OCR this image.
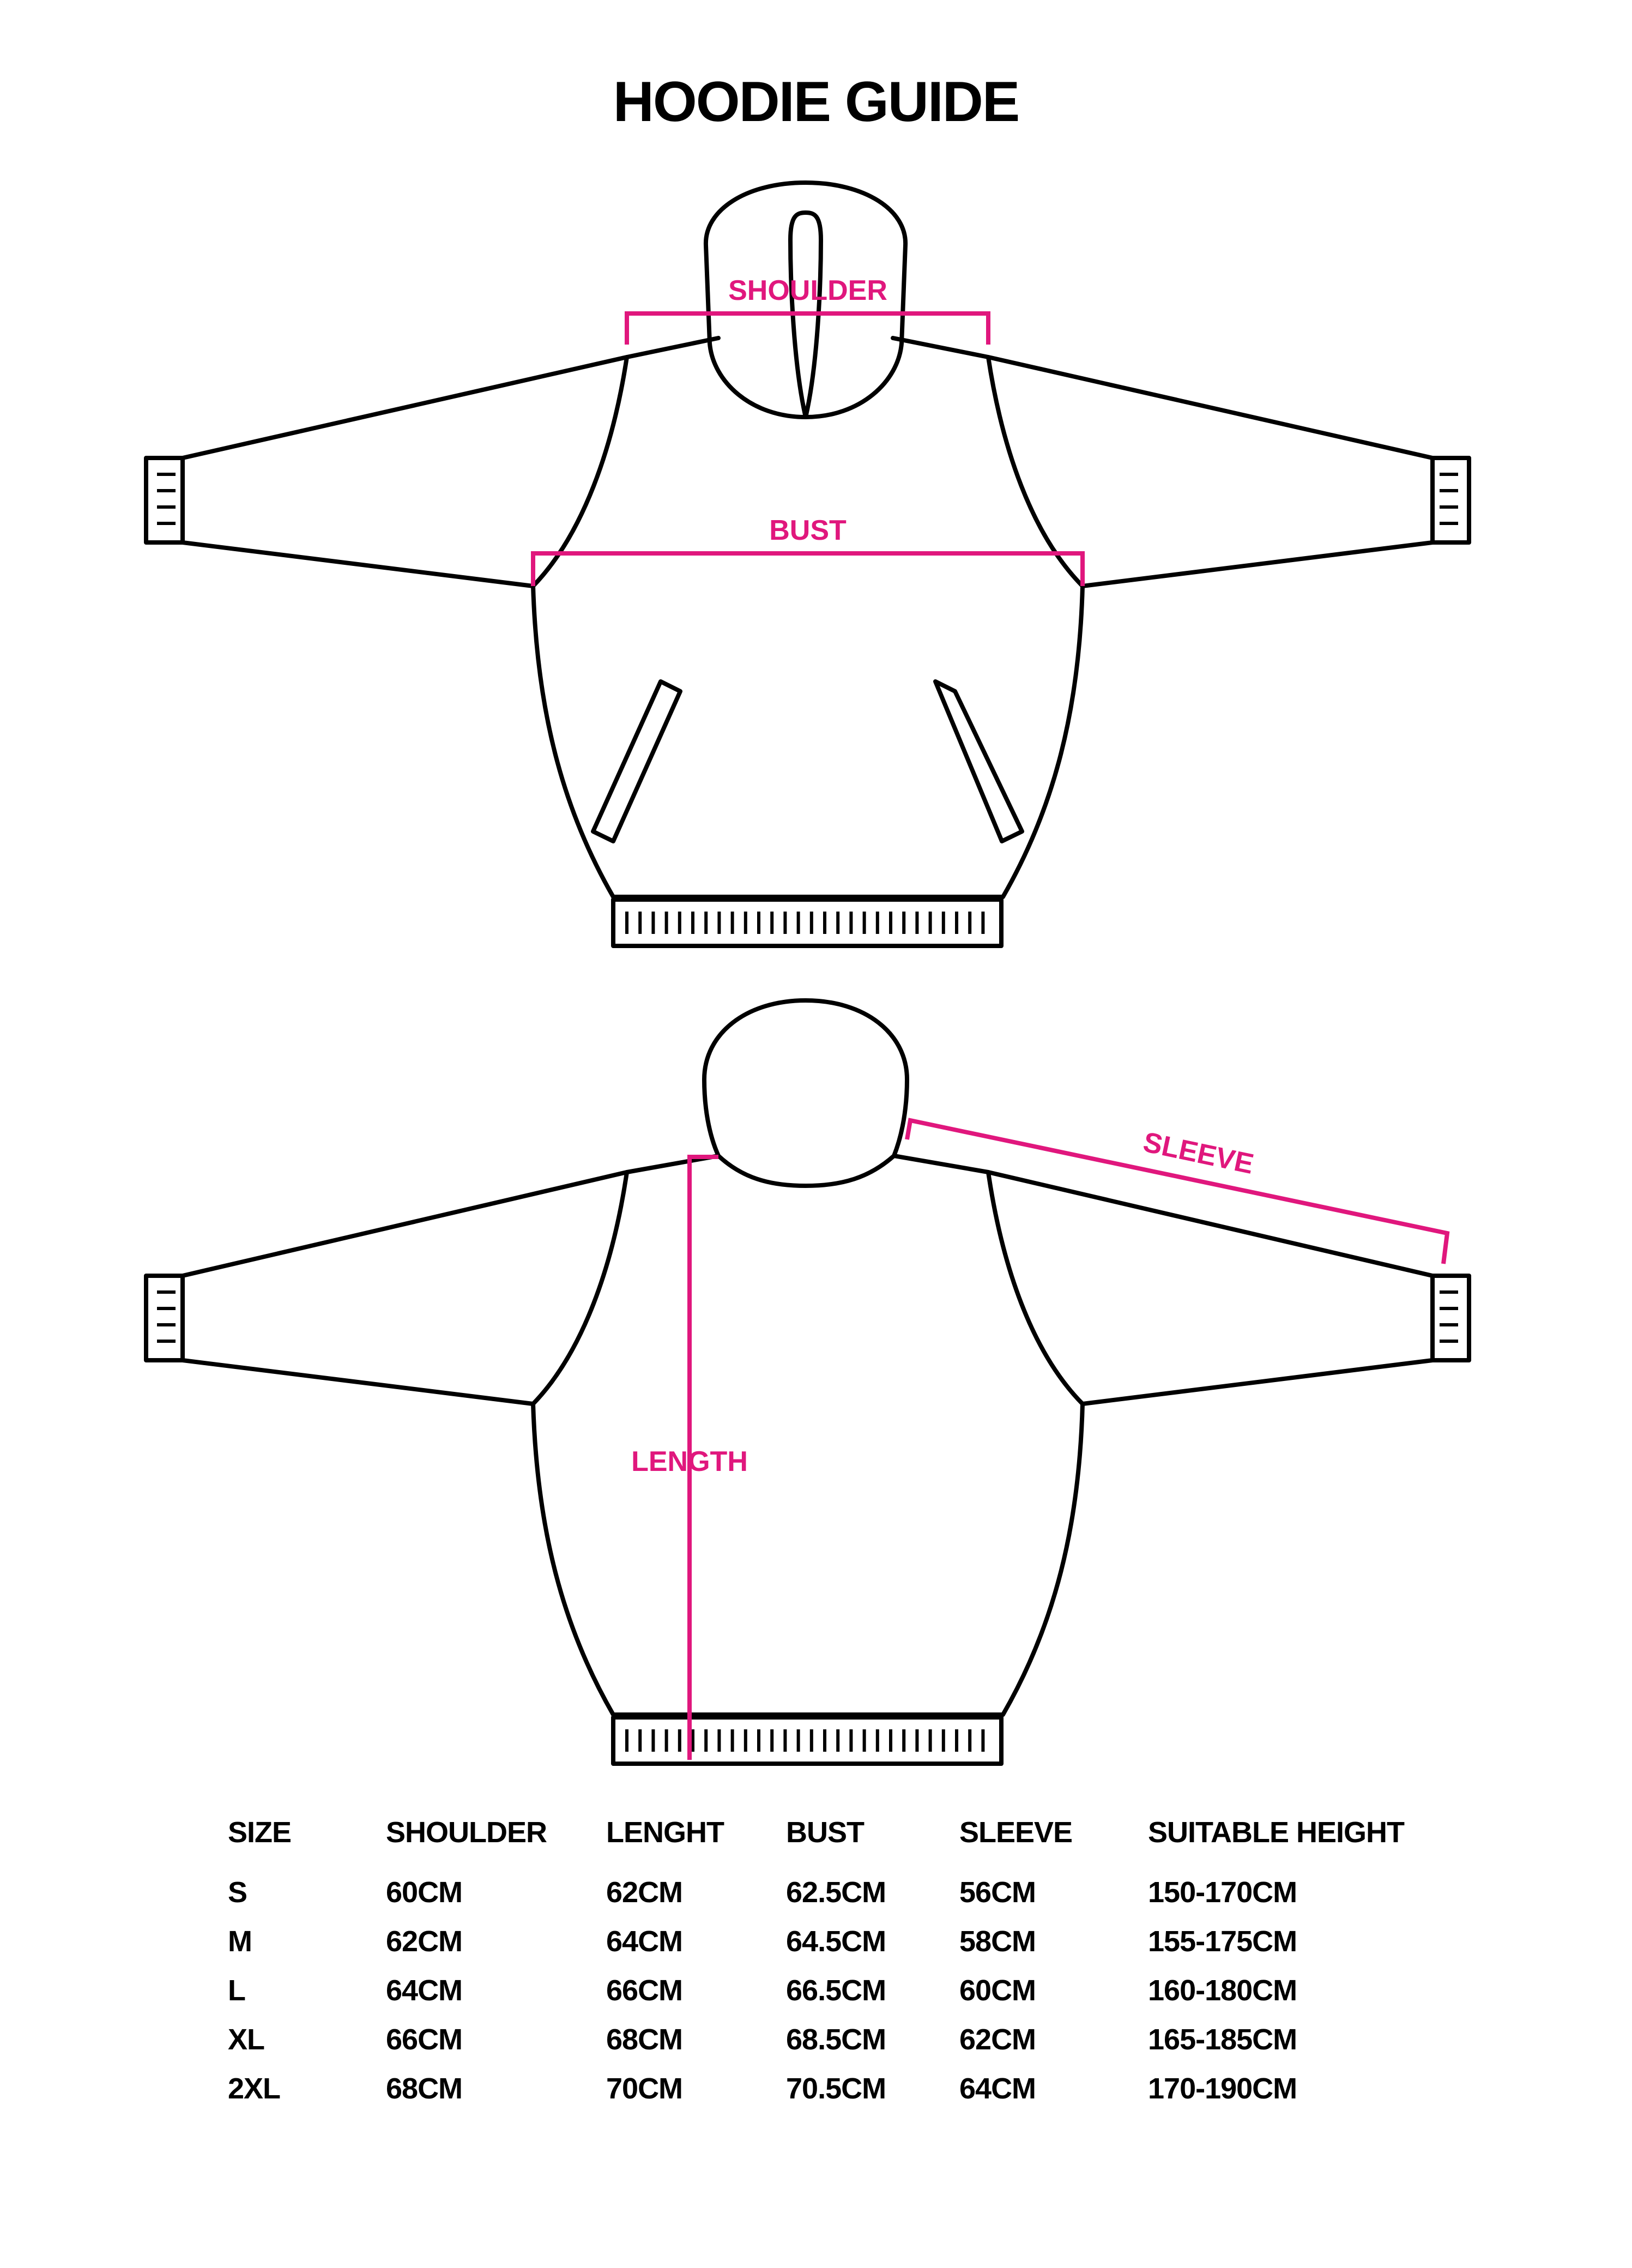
HOODIE GUIDE
SHOULDER
BUST
SLEEVE
LENGTH
SIZE	SHOULDER	LENGHT	BUST	SLEEVE	SUITABLE HEIGHT
S	60CM	62CM	62.5CM	56CM	150-170CM
M	62CM	64CM	64.5CM	58CM	155-175CM
L	64CM	66CM	66.5CM	60CM	160-180CM
XL	66CM	68CM	68.5CM	62CM	165-185CM
2XL	68CM	70CM	70.5CM	64CM	170-190CM
